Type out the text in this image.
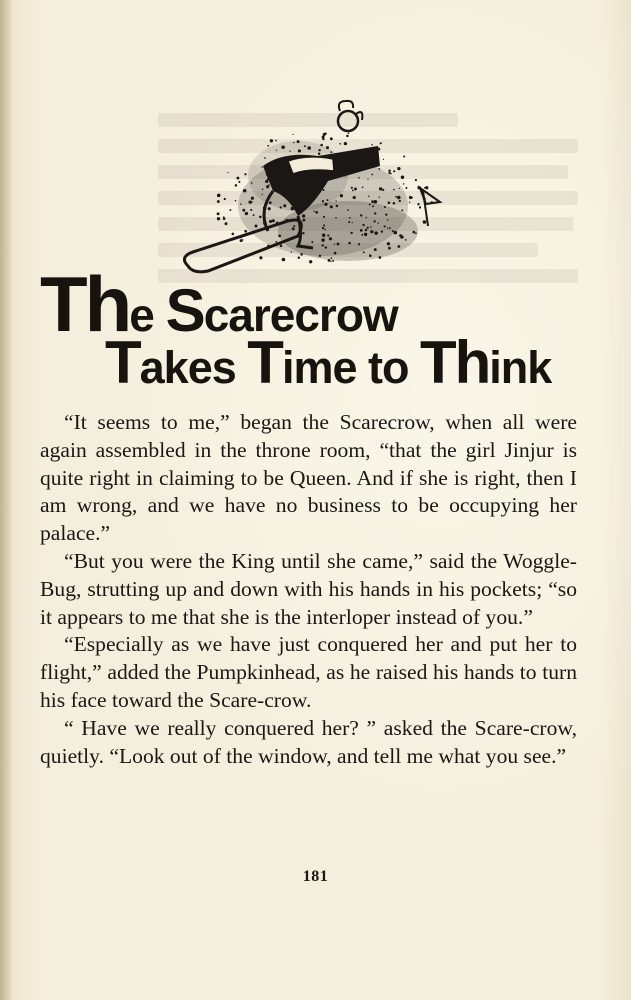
The Scarecrow
Takes Time to Think

“It seems to me,” began the Scarecrow, when all were again assembled in the throne room, “that the girl Jinjur is quite right in claiming to be Queen. And if she is right, then I am wrong, and we have no business to be occupying her palace.”

“But you were the King until she came,” said the Woggle-Bug, strutting up and down with his hands in his pockets; “so it appears to me that she is the interloper instead of you.”

“Especially as we have just conquered her and put her to flight,” added the Pumpkinhead, as he raised his hands to turn his face toward the Scare-crow.

“ Have we really conquered her? ” asked the Scare-crow, quietly. “Look out of the window, and tell me what you see.”

181
